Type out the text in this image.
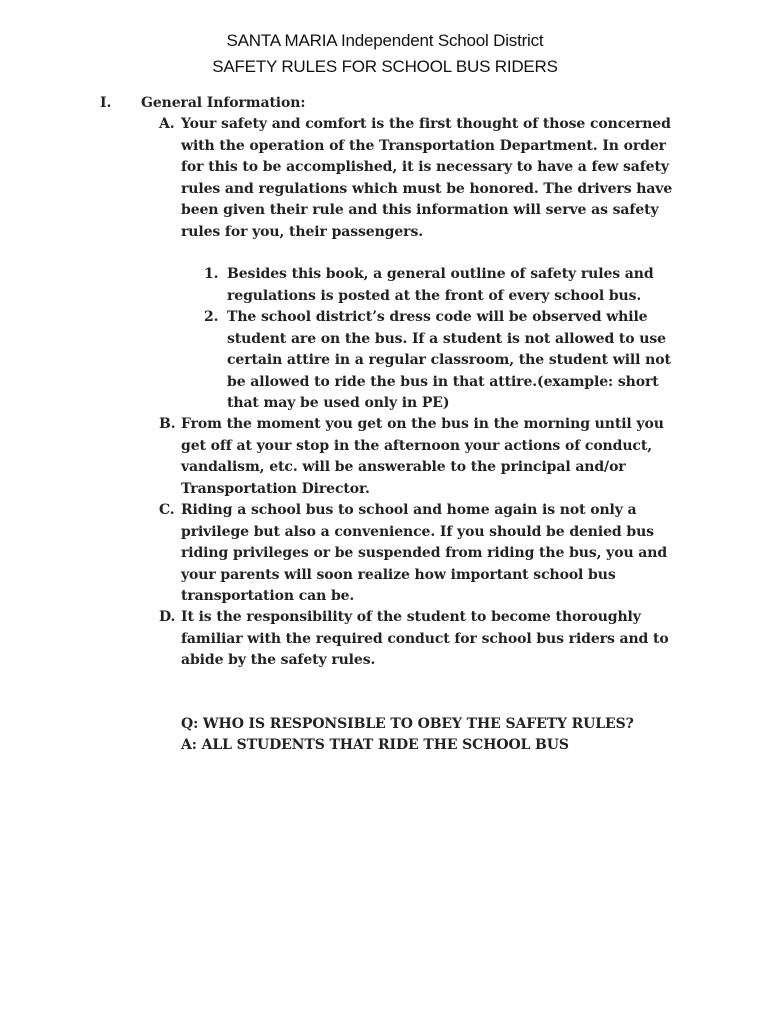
SANTA MARIA Independent School District
SAFETY RULES FOR SCHOOL BUS RIDERS
I. General Information:
A. Your safety and comfort is the first thought of those concerned
with the operation of the Transportation Department. In order
for this to be accomplished, it is necessary to have a few safety
rules and regulations which must be honored. The drivers have
been given their rule and this information will serve as safety
rules for you, their passengers.
1. Besides this book, a general outline of safety rules and
regulations is posted at the front of every school bus.
2. The school district’s dress code will be observed while
student are on the bus. If a student is not allowed to use
certain attire in a regular classroom, the student will not
be allowed to ride the bus in that attire.(example: short
that may be used only in PE)
B. From the moment you get on the bus in the morning until you
get off at your stop in the afternoon your actions of conduct,
vandalism, etc. will be answerable to the principal and/or
Transportation Director.
C. Riding a school bus to school and home again is not only a
privilege but also a convenience. If you should be denied bus
riding privileges or be suspended from riding the bus, you and
your parents will soon realize how important school bus
transportation can be.
D. It is the responsibility of the student to become thoroughly
familiar with the required conduct for school bus riders and to
abide by the safety rules.
Q: WHO IS RESPONSIBLE TO OBEY THE SAFETY RULES?
A: ALL STUDENTS THAT RIDE THE SCHOOL BUS
